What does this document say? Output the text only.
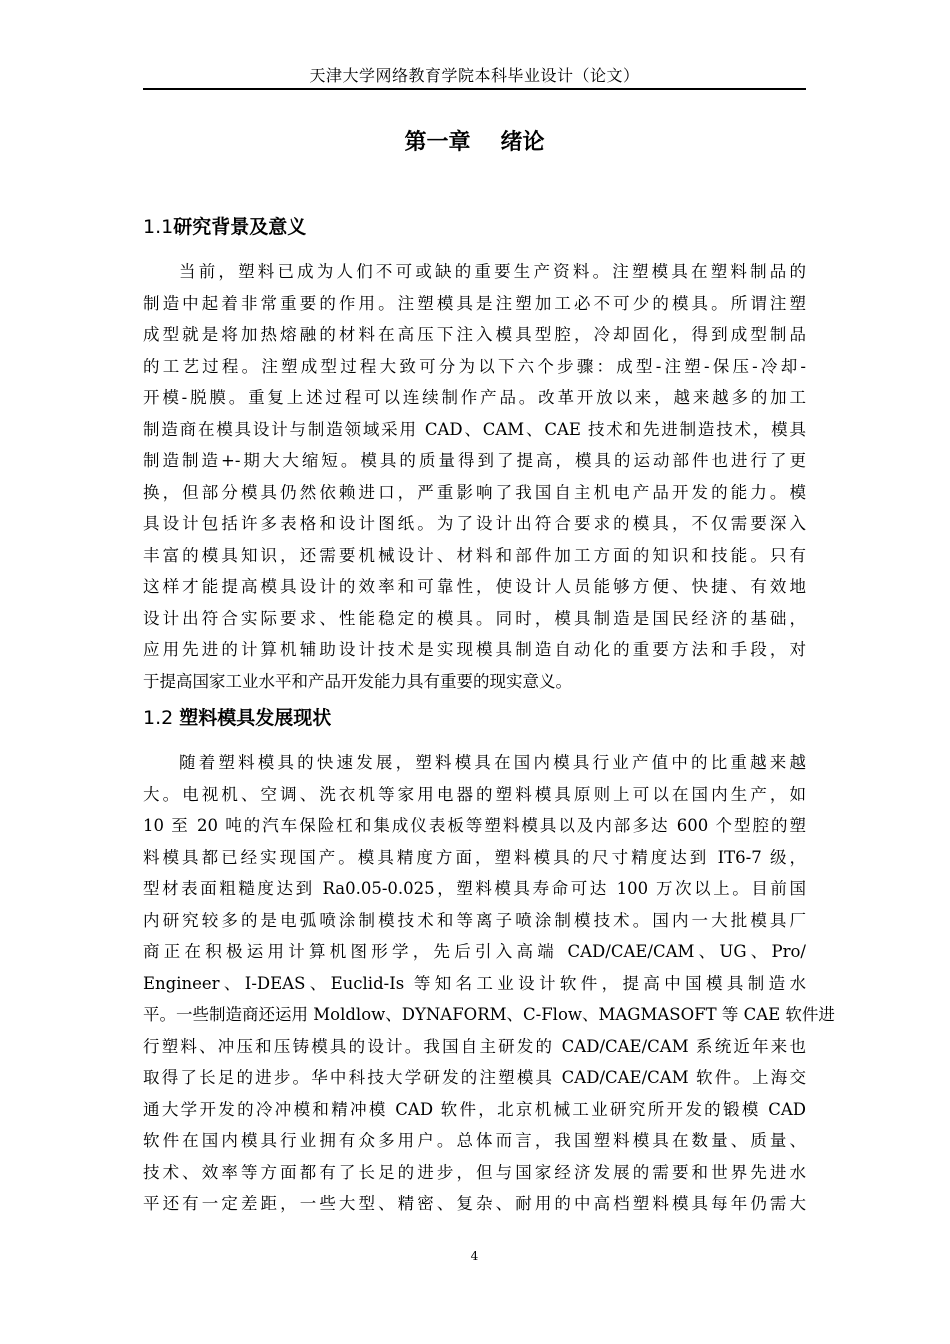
天津大学网络教育学院本科毕业设计（论文）
第一章 绪论
1.1研究背景及意义
当前，塑料已成为人们不可或缺的重要生产资料。注塑模具在塑料制品的
制造中起着非常重要的作用。注塑模具是注塑加工必不可少的模具。所谓注塑
成型就是将加热熔融的材料在高压下注入模具型腔，冷却固化，得到成型制品
的工艺过程。注塑成型过程大致可分为以下六个步骤：成型-注塑-保压-冷却-
开模-脱膜。重复上述过程可以连续制作产品。改革开放以来，越来越多的加工
制造商在模具设计与制造领域采用 CAD、CAM、CAE 技术和先进制造技术，模具
制造制造+-期大大缩短。模具的质量得到了提高，模具的运动部件也进行了更
换，但部分模具仍然依赖进口，严重影响了我国自主机电产品开发的能力。模
具设计包括许多表格和设计图纸。为了设计出符合要求的模具，不仅需要深入
丰富的模具知识，还需要机械设计、材料和部件加工方面的知识和技能。只有
这样才能提高模具设计的效率和可靠性，使设计人员能够方便、快捷、有效地
设计出符合实际要求、性能稳定的模具。同时，模具制造是国民经济的基础，
应用先进的计算机辅助设计技术是实现模具制造自动化的重要方法和手段，对
于提高国家工业水平和产品开发能力具有重要的现实意义。
1.2 塑料模具发展现状
随着塑料模具的快速发展，塑料模具在国内模具行业产值中的比重越来越
大。电视机、空调、洗衣机等家用电器的塑料模具原则上可以在国内生产，如
10 至 20 吨的汽车保险杠和集成仪表板等塑料模具以及内部多达 600 个型腔的塑
料模具都已经实现国产。模具精度方面，塑料模具的尺寸精度达到 IT6-7 级，
型材表面粗糙度达到 Ra0.05-0.025，塑料模具寿命可达 100 万次以上。目前国
内研究较多的是电弧喷涂制模技术和等离子喷涂制模技术。国内一大批模具厂
商正在积极运用计算机图形学，先后引入高端 CAD/CAE/CAM、UG、Pro/
Engineer、I-DEAS、Euclid-Is 等知名工业设计软件，提高中国模具制造水
平。一些制造商还运用 Moldlow、DYNAFORM、C-Flow、MAGMASOFT 等 CAE 软件进
行塑料、冲压和压铸模具的设计。我国自主研发的 CAD/CAE/CAM 系统近年来也
取得了长足的进步。华中科技大学研发的注塑模具 CAD/CAE/CAM 软件。上海交
通大学开发的冷冲模和精冲模 CAD 软件，北京机械工业研究所开发的锻模 CAD
软件在国内模具行业拥有众多用户。总体而言，我国塑料模具在数量、质量、
技术、效率等方面都有了长足的进步，但与国家经济发展的需要和世界先进水
平还有一定差距，一些大型、精密、复杂、耐用的中高档塑料模具每年仍需大
4
